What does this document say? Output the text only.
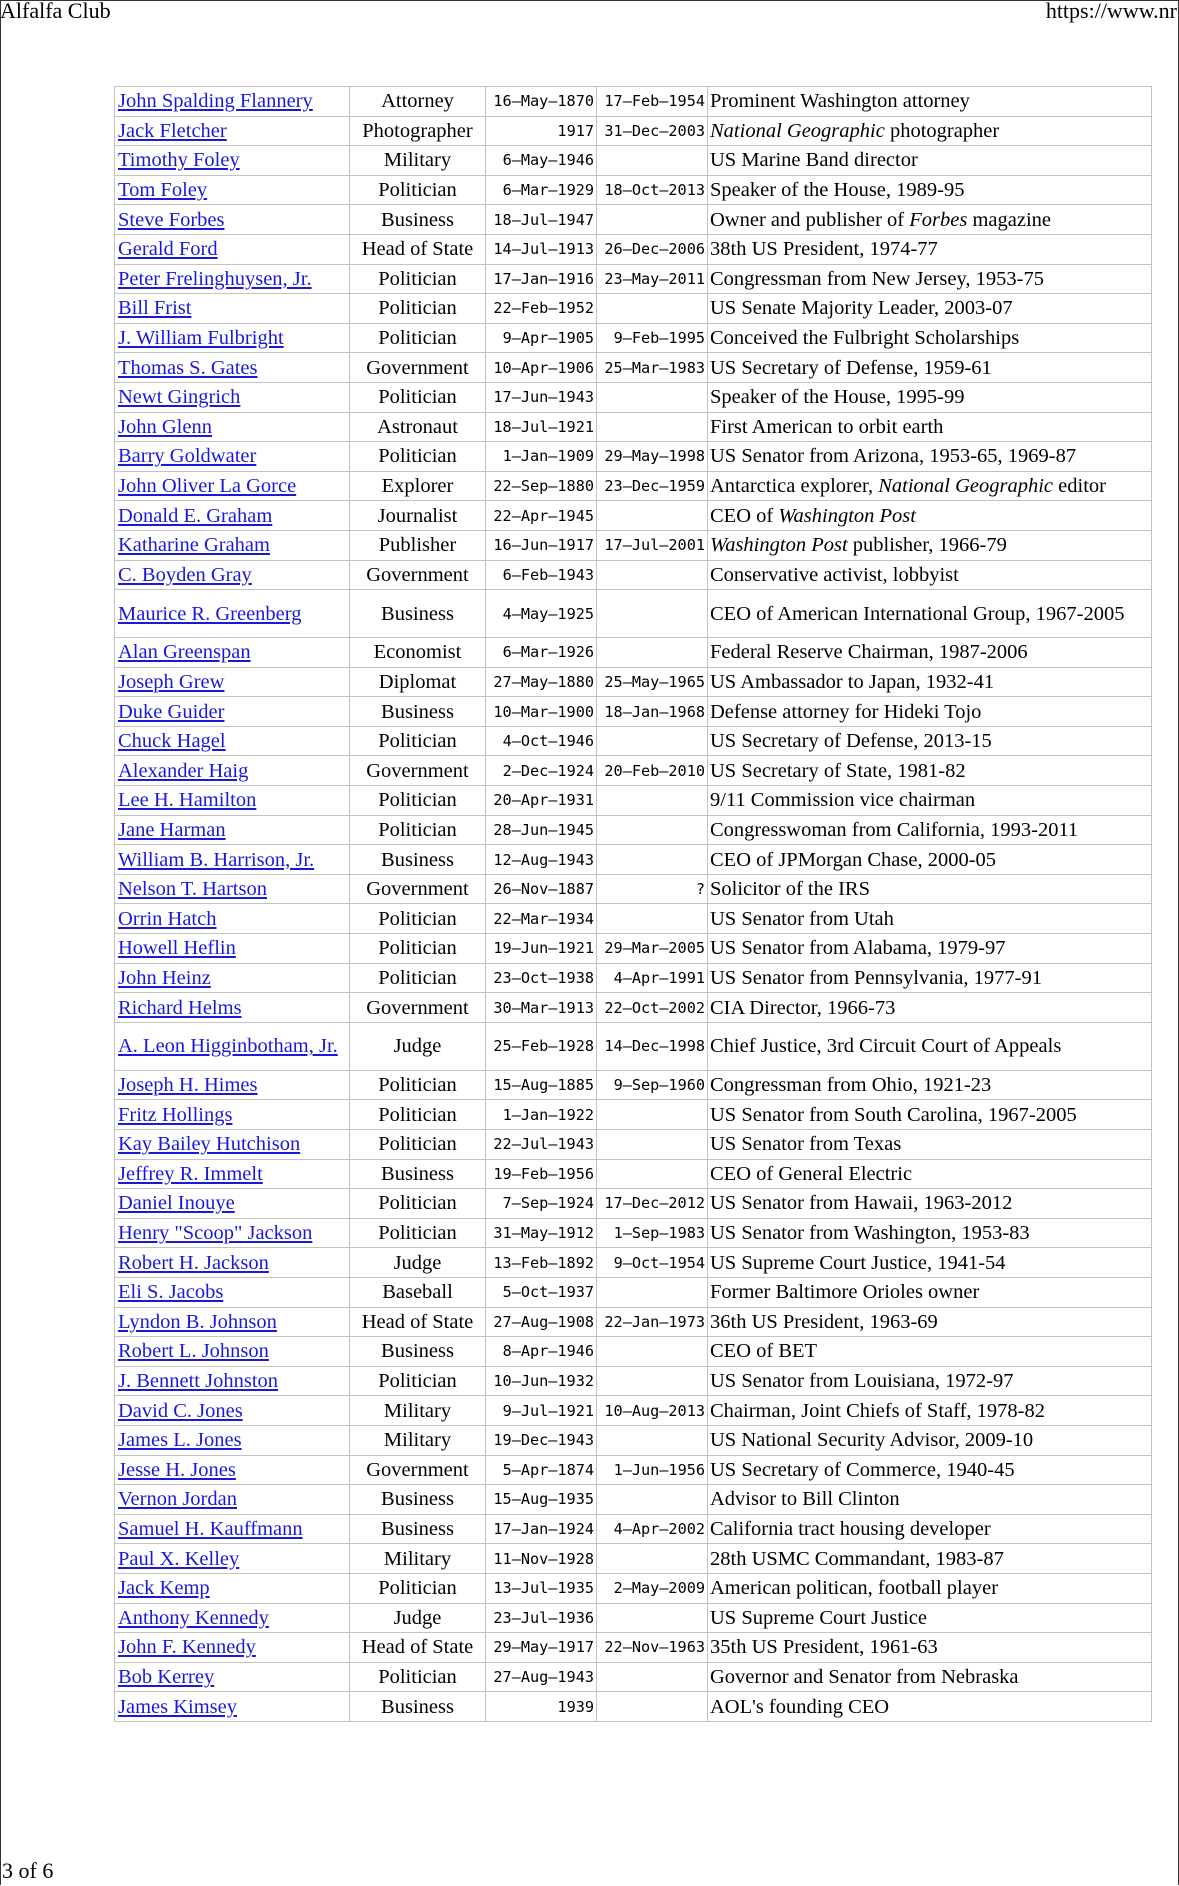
Alfalfa Club	https://www.nr
John Spalding Flannery	Attorney	16–May–1870	17–Feb–1954	Prominent Washington attorney
Jack Fletcher	Photographer	1917	31–Dec–2003	National Geographic photographer
Timothy Foley	Military	6–May–1946		US Marine Band director
Tom Foley	Politician	6–Mar–1929	18–Oct–2013	Speaker of the House, 1989-95
Steve Forbes	Business	18–Jul–1947		Owner and publisher of Forbes magazine
Gerald Ford	Head of State	14–Jul–1913	26–Dec–2006	38th US President, 1974-77
Peter Frelinghuysen, Jr.	Politician	17–Jan–1916	23–May–2011	Congressman from New Jersey, 1953-75
Bill Frist	Politician	22–Feb–1952		US Senate Majority Leader, 2003-07
J. William Fulbright	Politician	9–Apr–1905	9–Feb–1995	Conceived the Fulbright Scholarships
Thomas S. Gates	Government	10–Apr–1906	25–Mar–1983	US Secretary of Defense, 1959-61
Newt Gingrich	Politician	17–Jun–1943		Speaker of the House, 1995-99
John Glenn	Astronaut	18–Jul–1921		First American to orbit earth
Barry Goldwater	Politician	1–Jan–1909	29–May–1998	US Senator from Arizona, 1953-65, 1969-87
John Oliver La Gorce	Explorer	22–Sep–1880	23–Dec–1959	Antarctica explorer, National Geographic editor
Donald E. Graham	Journalist	22–Apr–1945		CEO of Washington Post
Katharine Graham	Publisher	16–Jun–1917	17–Jul–2001	Washington Post publisher, 1966-79
C. Boyden Gray	Government	6–Feb–1943		Conservative activist, lobbyist
Maurice R. Greenberg	Business	4–May–1925		CEO of American International Group, 1967-2005
Alan Greenspan	Economist	6–Mar–1926		Federal Reserve Chairman, 1987-2006
Joseph Grew	Diplomat	27–May–1880	25–May–1965	US Ambassador to Japan, 1932-41
Duke Guider	Business	10–Mar–1900	18–Jan–1968	Defense attorney for Hideki Tojo
Chuck Hagel	Politician	4–Oct–1946		US Secretary of Defense, 2013-15
Alexander Haig	Government	2–Dec–1924	20–Feb–2010	US Secretary of State, 1981-82
Lee H. Hamilton	Politician	20–Apr–1931		9/11 Commission vice chairman
Jane Harman	Politician	28–Jun–1945		Congresswoman from California, 1993-2011
William B. Harrison, Jr.	Business	12–Aug–1943		CEO of JPMorgan Chase, 2000-05
Nelson T. Hartson	Government	26–Nov–1887	?	Solicitor of the IRS
Orrin Hatch	Politician	22–Mar–1934		US Senator from Utah
Howell Heflin	Politician	19–Jun–1921	29–Mar–2005	US Senator from Alabama, 1979-97
John Heinz	Politician	23–Oct–1938	4–Apr–1991	US Senator from Pennsylvania, 1977-91
Richard Helms	Government	30–Mar–1913	22–Oct–2002	CIA Director, 1966-73
A. Leon Higginbotham, Jr.	Judge	25–Feb–1928	14–Dec–1998	Chief Justice, 3rd Circuit Court of Appeals
Joseph H. Himes	Politician	15–Aug–1885	9–Sep–1960	Congressman from Ohio, 1921-23
Fritz Hollings	Politician	1–Jan–1922		US Senator from South Carolina, 1967-2005
Kay Bailey Hutchison	Politician	22–Jul–1943		US Senator from Texas
Jeffrey R. Immelt	Business	19–Feb–1956		CEO of General Electric
Daniel Inouye	Politician	7–Sep–1924	17–Dec–2012	US Senator from Hawaii, 1963-2012
Henry "Scoop" Jackson	Politician	31–May–1912	1–Sep–1983	US Senator from Washington, 1953-83
Robert H. Jackson	Judge	13–Feb–1892	9–Oct–1954	US Supreme Court Justice, 1941-54
Eli S. Jacobs	Baseball	5–Oct–1937		Former Baltimore Orioles owner
Lyndon B. Johnson	Head of State	27–Aug–1908	22–Jan–1973	36th US President, 1963-69
Robert L. Johnson	Business	8–Apr–1946		CEO of BET
J. Bennett Johnston	Politician	10–Jun–1932		US Senator from Louisiana, 1972-97
David C. Jones	Military	9–Jul–1921	10–Aug–2013	Chairman, Joint Chiefs of Staff, 1978-82
James L. Jones	Military	19–Dec–1943		US National Security Advisor, 2009-10
Jesse H. Jones	Government	5–Apr–1874	1–Jun–1956	US Secretary of Commerce, 1940-45
Vernon Jordan	Business	15–Aug–1935		Advisor to Bill Clinton
Samuel H. Kauffmann	Business	17–Jan–1924	4–Apr–2002	California tract housing developer
Paul X. Kelley	Military	11–Nov–1928		28th USMC Commandant, 1983-87
Jack Kemp	Politician	13–Jul–1935	2–May–2009	American politican, football player
Anthony Kennedy	Judge	23–Jul–1936		US Supreme Court Justice
John F. Kennedy	Head of State	29–May–1917	22–Nov–1963	35th US President, 1961-63
Bob Kerrey	Politician	27–Aug–1943		Governor and Senator from Nebraska
James Kimsey	Business	1939		AOL's founding CEO
3 of 6
